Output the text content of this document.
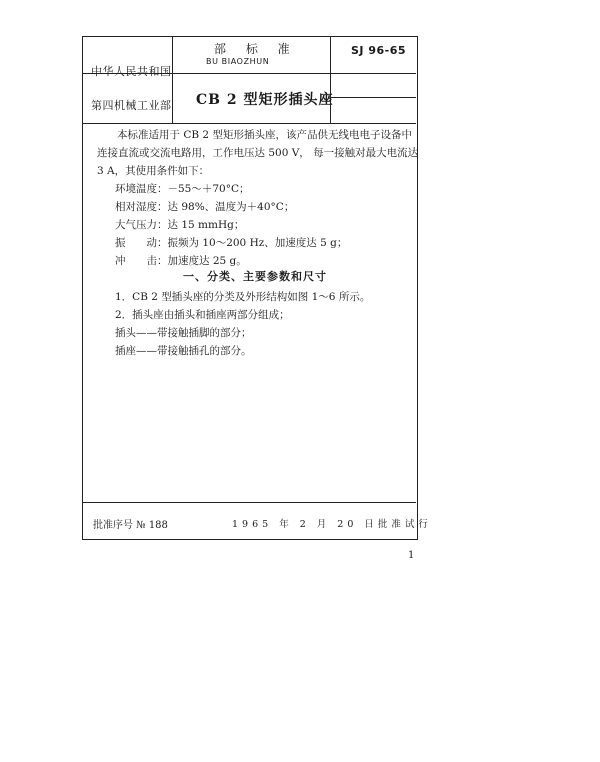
中华人民共和国
第四机械工业部
部 标 准
BU BIAOZHUN
SJ 96-65
CB 2 型矩形插头座
本标准适用于 CB 2 型矩形插头座，该产品供无线电电子设备中
连接直流或交流电路用，工作电压达 500 V， 每一接触对最大电流达
3 A，其使用条件如下：
环境温度：－55～＋70°C；
相对湿度：达 98%、温度为＋40°C；
大气压力：达 15 mmHg；
振　　动：振频为 10～200 Hz、加速度达 5 g；
冲　　击：加速度达 25 g。
一、分类、主要参数和尺寸
1．CB 2 型插头座的分类及外形结构如图 1～6 所示。
2．插头座由插头和插座两部分组成；
插头——带接触插脚的部分；
插座——带接触插孔的部分。
批准序号 № 188	1965 年 2 月 20 日批准试行
1
